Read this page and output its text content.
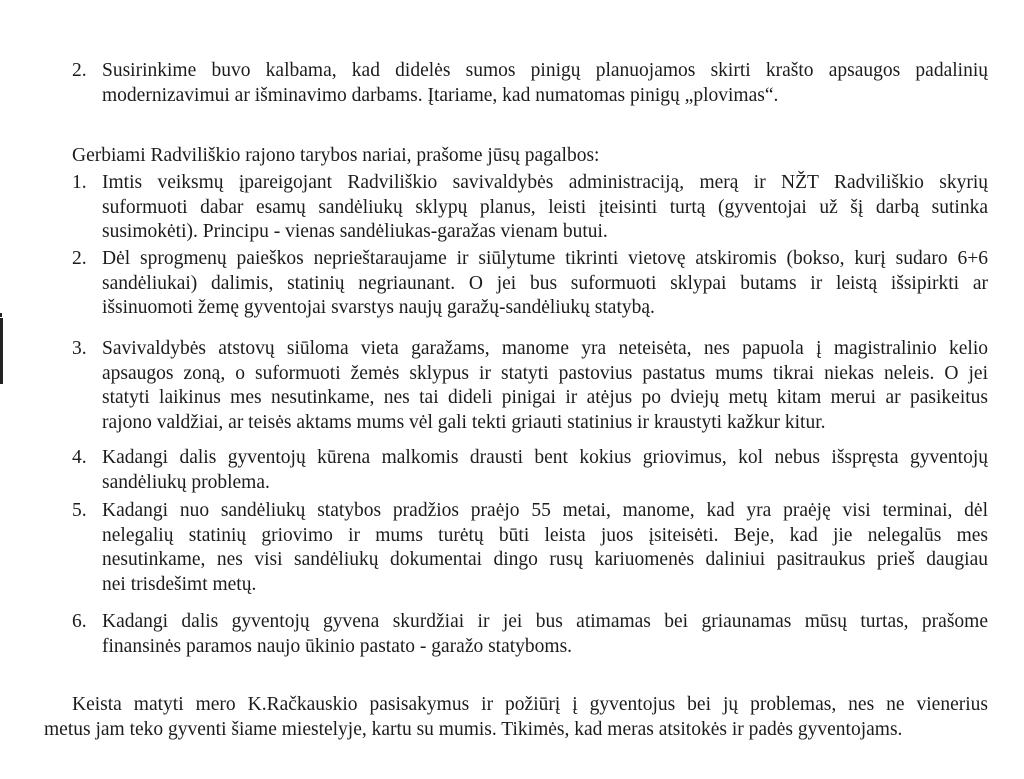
2. Susirinkime buvo kalbama, kad didelės sumos pinigų planuojamos skirti krašto apsaugos padalinių
modernizavimui ar išminavimo darbams. Įtariame, kad numatomas pinigų „plovimas“.
Gerbiami Radviliškio rajono tarybos nariai, prašome jūsų pagalbos:
1. Imtis veiksmų įpareigojant Radviliškio savivaldybės administraciją, merą ir NŽT Radviliškio skyrių
suformuoti dabar esamų sandėliukų sklypų planus, leisti įteisinti turtą (gyventojai už šį darbą sutinka
susimokėti). Principu - vienas sandėliukas-garažas vienam butui.
2. Dėl sprogmenų paieškos neprieštaraujame ir siūlytume tikrinti vietovę atskiromis (bokso, kurį sudaro 6+6
sandėliukai) dalimis, statinių negriaunant. O jei bus suformuoti sklypai butams ir leistą išsipirkti ar
išsinuomoti žemę gyventojai svarstys naujų garažų-sandėliukų statybą.
3. Savivaldybės atstovų siūloma vieta garažams, manome yra neteisėta, nes papuola į magistralinio kelio
apsaugos zoną, o suformuoti žemės sklypus ir statyti pastovius pastatus mums tikrai niekas neleis. O jei
statyti laikinus mes nesutinkame, nes tai dideli pinigai ir atėjus po dviejų metų kitam merui ar pasikeitus
rajono valdžiai, ar teisės aktams mums vėl gali tekti griauti statinius ir kraustyti kažkur kitur.
4. Kadangi dalis gyventojų kūrena malkomis drausti bent kokius griovimus, kol nebus išspręsta gyventojų
sandėliukų problema.
5. Kadangi nuo sandėliukų statybos pradžios praėjo 55 metai, manome, kad yra praėję visi terminai, dėl
nelegalių statinių griovimo ir mums turėtų būti leista juos įsiteisėti. Beje, kad jie nelegalūs mes
nesutinkame, nes visi sandėliukų dokumentai dingo rusų kariuomenės daliniui pasitraukus prieš daugiau
nei trisdešimt metų.
6. Kadangi dalis gyventojų gyvena skurdžiai ir jei bus atimamas bei griaunamas mūsų turtas, prašome
finansinės paramos naujo ūkinio pastato - garažo statyboms.
Keista matyti mero K.Račkauskio pasisakymus ir požiūrį į gyventojus bei jų problemas, nes ne vienerius
metus jam teko gyventi šiame miestelyje, kartu su mumis. Tikimės, kad meras atsitokės ir padės gyventojams.
